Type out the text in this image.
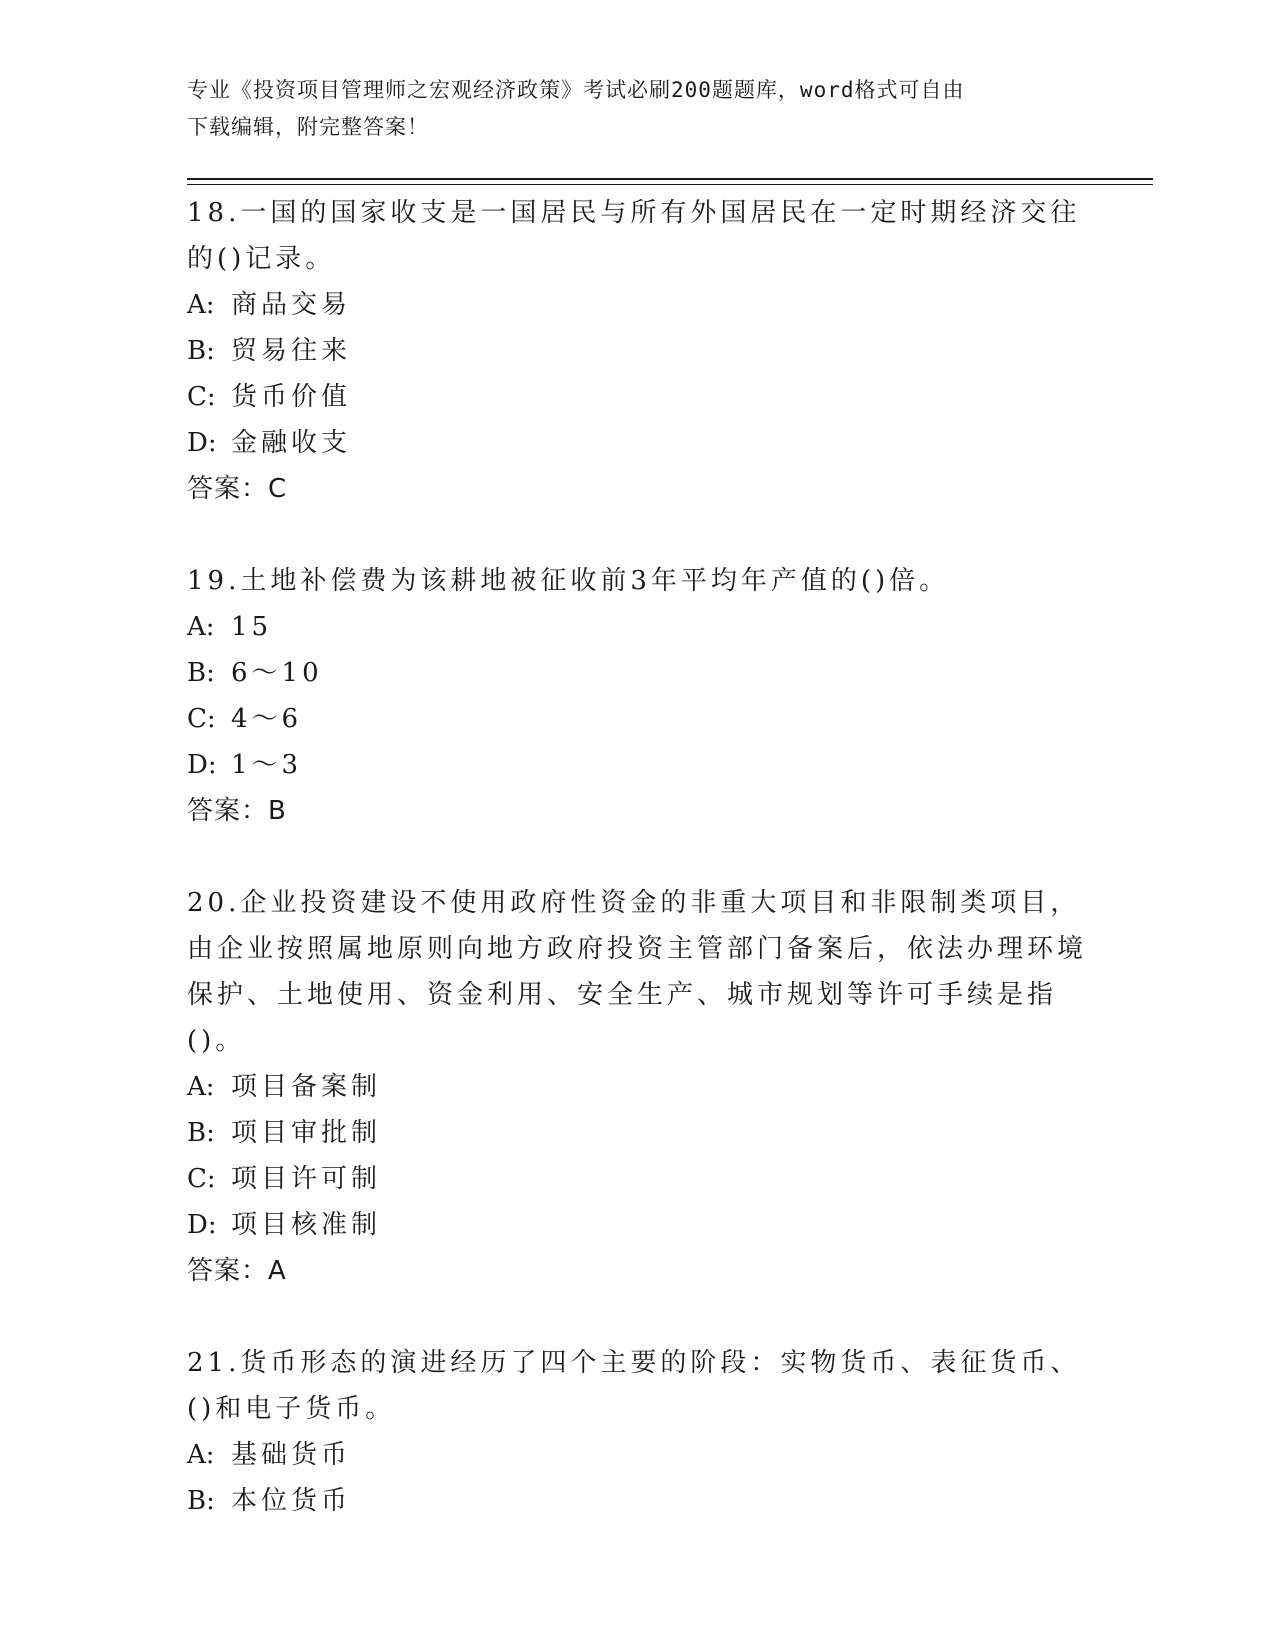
专业《投资项目管理师之宏观经济政策》考试必刷200题题库，word格式可自由
下载编辑，附完整答案！

18.一国的国家收支是一国居民与所有外国居民在一定时期经济交往的()记录。

A: 商品交易
B: 贸易往来
C: 货币价值
D: 金融收支
答案：C

19.土地补偿费为该耕地被征收前3年平均年产值的()倍。

A: 15
B: 6～10
C: 4～6
D: 1～3
答案：B

20.企业投资建设不使用政府性资金的非重大项目和非限制类项目，由企业按照属地原则向地方政府投资主管部门备案后，依法办理环境保护、土地使用、资金利用、安全生产、城市规划等许可手续是指()。

A: 项目备案制
B: 项目审批制
C: 项目许可制
D: 项目核准制
答案：A

21.货币形态的演进经历了四个主要的阶段：实物货币、表征货币、()和电子货币。

A: 基础货币
B: 本位货币
